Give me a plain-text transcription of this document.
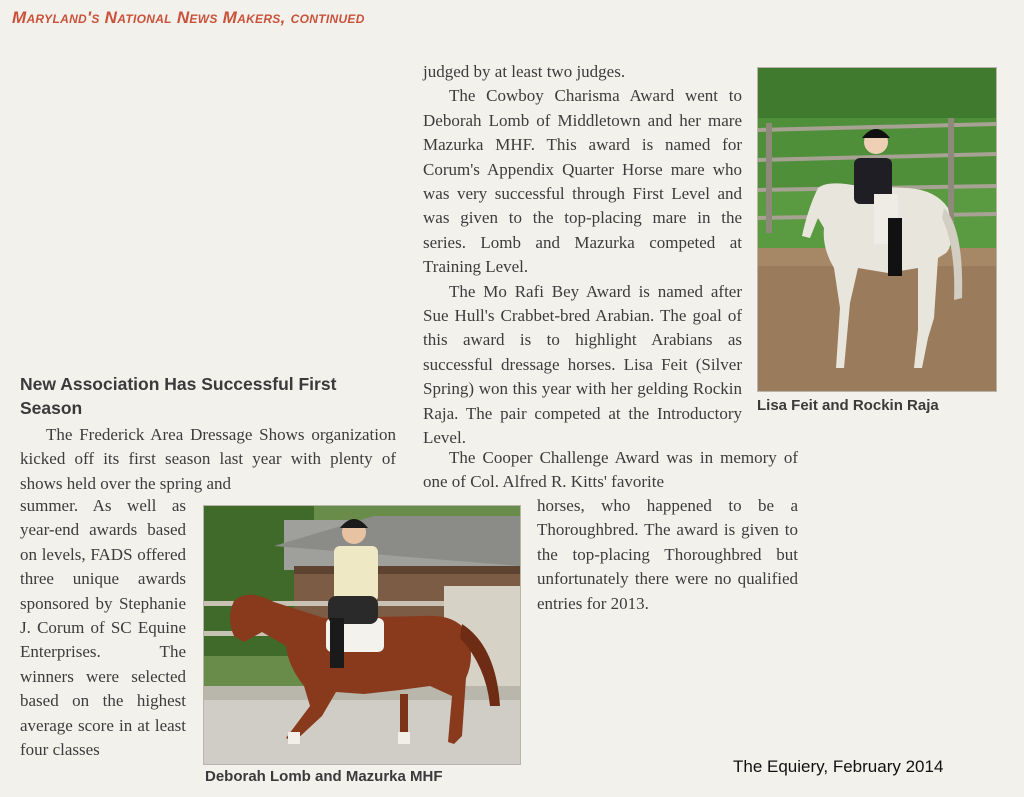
Maryland's National News Makers, continued

judged by at least two judges.

The Cowboy Charisma Award went to Deborah Lomb of Middletown and her mare Mazurka MHF. This award is named for Corum's Appendix Quarter Horse mare who was very successful through First Level and was given to the top-placing mare in the series. Lomb and Mazurka competed at Training Level.

The Mo Rafi Bey Award is named after Sue Hull's Crabbet-bred Arabian. The goal of this award is to highlight Arabians as successful dressage horses. Lisa Feit (Silver Spring) won this year with her gelding Rockin Raja. The pair competed at the Introductory Level.

The Cooper Challenge Award was in memory of one of Col. Alfred R. Kitts' favorite

horses, who happened to be a Thoroughbred. The award is given to the top-placing Thoroughbred but unfortunately there were no qualified entries for 2013.

Lisa Feit and Rockin Raja
New Association Has Successful First Season

The Frederick Area Dressage Shows organization kicked off its first season last year with plenty of shows held over the spring and

summer. As well as year-end awards based on levels, FADS offered three unique awards sponsored by Stephanie J. Corum of SC Equine Enterprises. The winners were selected based on the highest average score in at least four classes

Deborah Lomb and Mazurka MHF
The Equiery, February 2014
